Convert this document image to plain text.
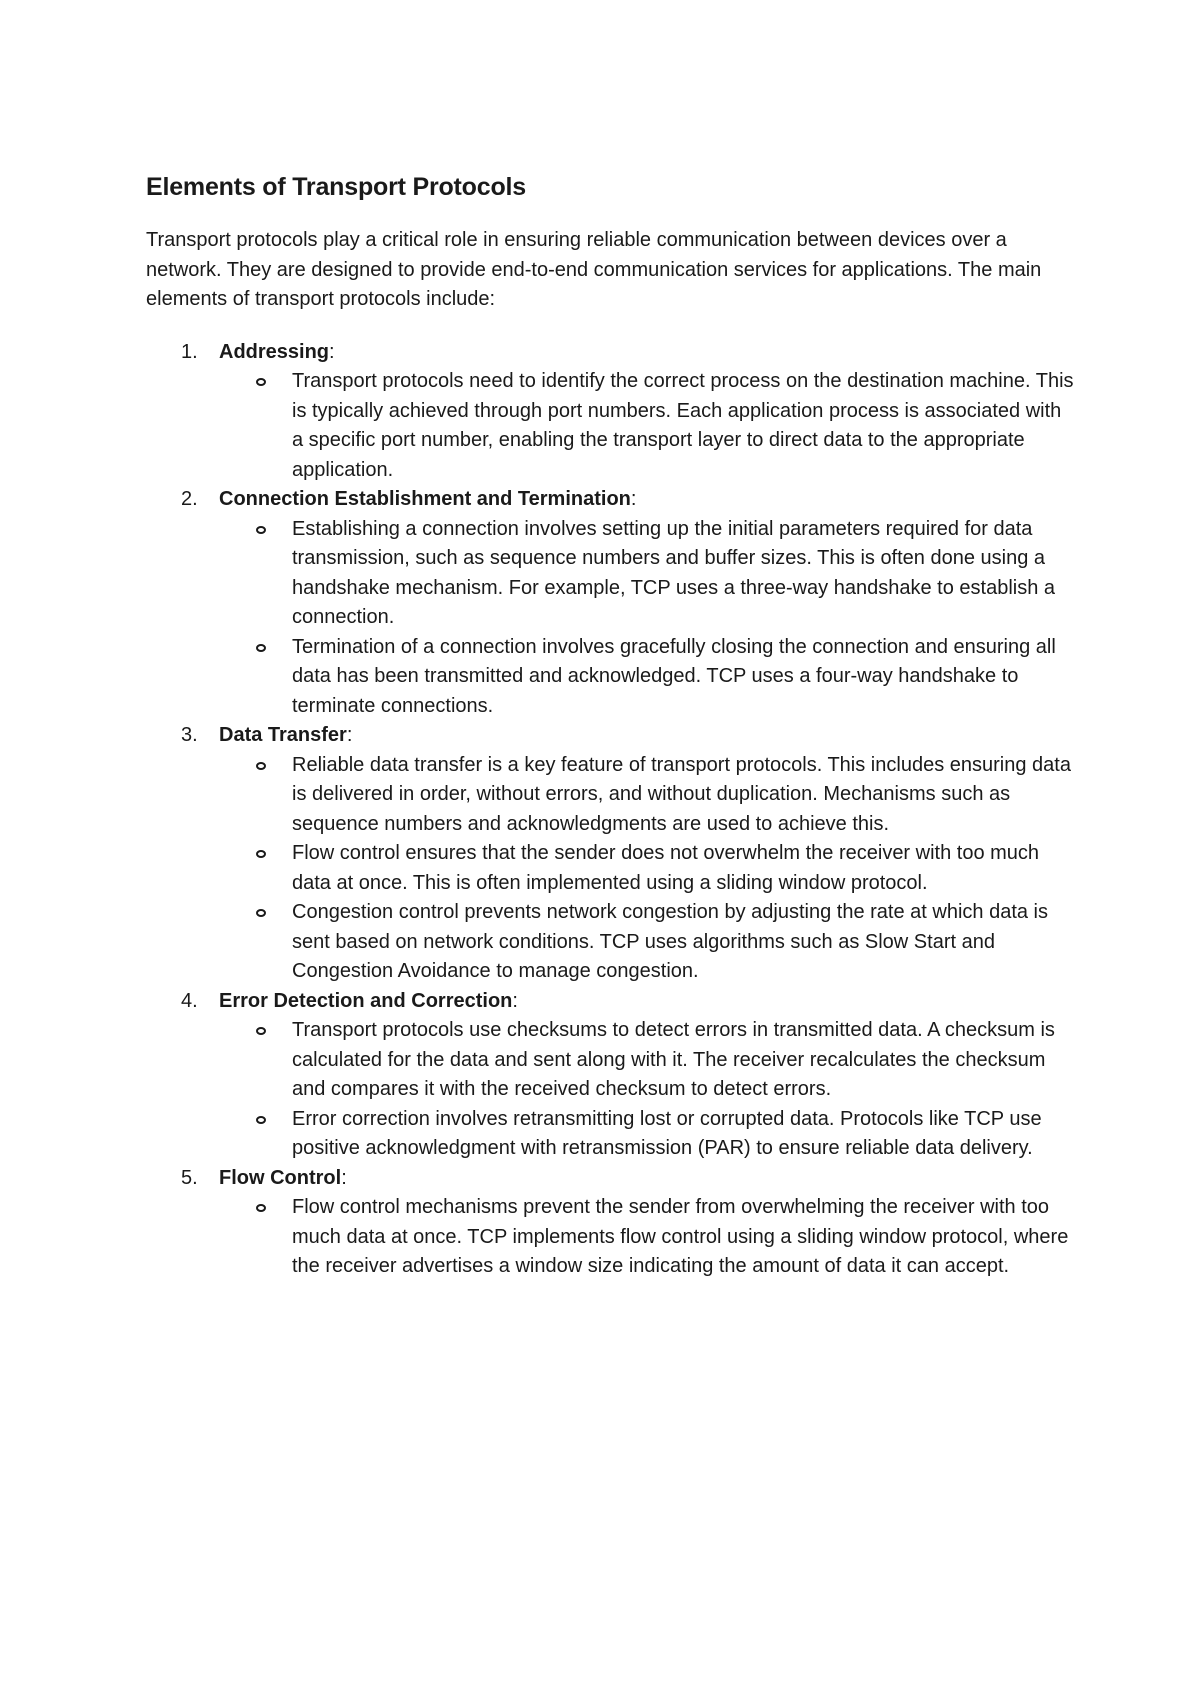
Elements of Transport Protocols

Transport protocols play a critical role in ensuring reliable communication between devices over a network. They are designed to provide end-to-end communication services for applications. The main elements of transport protocols include:

1.	Addressing:
Transport protocols need to identify the correct process on the destination machine. This is typically achieved through port numbers. Each application process is associated with a specific port number, enabling the transport layer to direct data to the appropriate application.
2.	Connection Establishment and Termination:
Establishing a connection involves setting up the initial parameters required for data transmission, such as sequence numbers and buffer sizes. This is often done using a handshake mechanism. For example, TCP uses a three-way handshake to establish a connection.
Termination of a connection involves gracefully closing the connection and ensuring all data has been transmitted and acknowledged. TCP uses a four-way handshake to terminate connections.
3.	Data Transfer:
Reliable data transfer is a key feature of transport protocols. This includes ensuring data is delivered in order, without errors, and without duplication. Mechanisms such as sequence numbers and acknowledgments are used to achieve this.
Flow control ensures that the sender does not overwhelm the receiver with too much data at once. This is often implemented using a sliding window protocol.
Congestion control prevents network congestion by adjusting the rate at which data is sent based on network conditions. TCP uses algorithms such as Slow Start and Congestion Avoidance to manage congestion.
4.	Error Detection and Correction:
Transport protocols use checksums to detect errors in transmitted data. A checksum is calculated for the data and sent along with it. The receiver recalculates the checksum and compares it with the received checksum to detect errors.
Error correction involves retransmitting lost or corrupted data. Protocols like TCP use positive acknowledgment with retransmission (PAR) to ensure reliable data delivery.
5.	Flow Control:
Flow control mechanisms prevent the sender from overwhelming the receiver with too much data at once. TCP implements flow control using a sliding window protocol, where the receiver advertises a window size indicating the amount of data it can accept.
